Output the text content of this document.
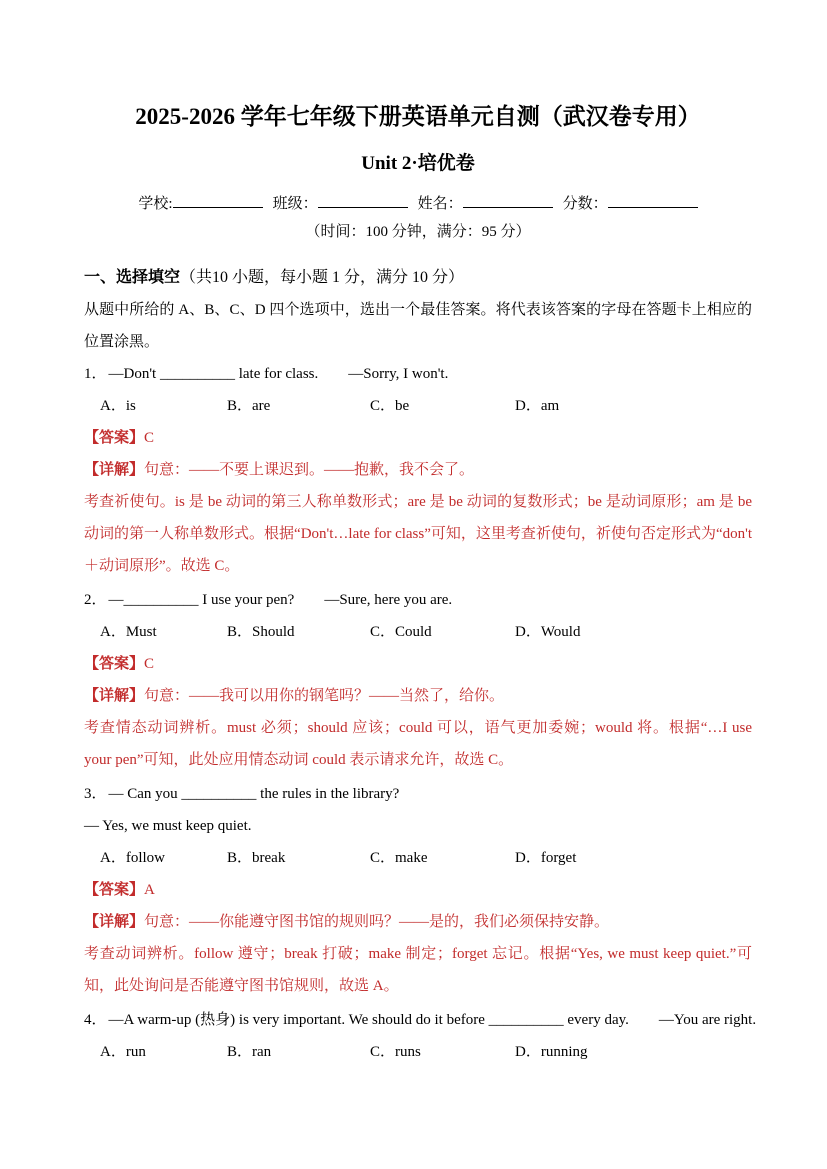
2025-2026 学年七年级下册英语单元自测（武汉卷专用）

Unit 2·培优卷

学校:	班级：	姓名：	分数：

（时间：100 分钟，满分：95 分）

一、选择填空（共10 小题，每小题 1 分，满分 10 分）

从题中所给的 A、B、C、D 四个选项中，选出一个最佳答案。将代表该答案的字母在答题卡上相应的位置涂黑。

1． —Don't __________ late for class.　　—Sorry, I won't.

A．is	B．are	C．be	D．am

【答案】C

【详解】句意：——不要上课迟到。——抱歉，我不会了。

考查祈使句。is 是 be 动词的第三人称单数形式；are 是 be 动词的复数形式；be 是动词原形；am 是 be 动词的第一人称单数形式。根据“Don't…late for class”可知，这里考查祈使句，祈使句否定形式为“don't＋动词原形”。故选 C。

2． —__________ I use your pen?　　—Sure, here you are.

A．Must	B．Should	C．Could	D．Would

【答案】C

【详解】句意：——我可以用你的钢笔吗？——当然了，给你。

考查情态动词辨析。must 必须；should 应该；could 可以，语气更加委婉；would 将。根据“…I use your pen”可知，此处应用情态动词 could 表示请求允许，故选 C。

3． — Can you __________ the rules in the library?

— Yes, we must keep quiet.

A．follow	B．break	C．make	D．forget

【答案】A

【详解】句意：——你能遵守图书馆的规则吗？——是的，我们必须保持安静。

考查动词辨析。follow 遵守；break 打破；make 制定；forget 忘记。根据“Yes, we must keep quiet.”可知，此处询问是否能遵守图书馆规则，故选 A。

4． —A warm-up (热身) is very important. We should do it before __________ every day.　　—You are right.

A．run	B．ran	C．runs	D．running
